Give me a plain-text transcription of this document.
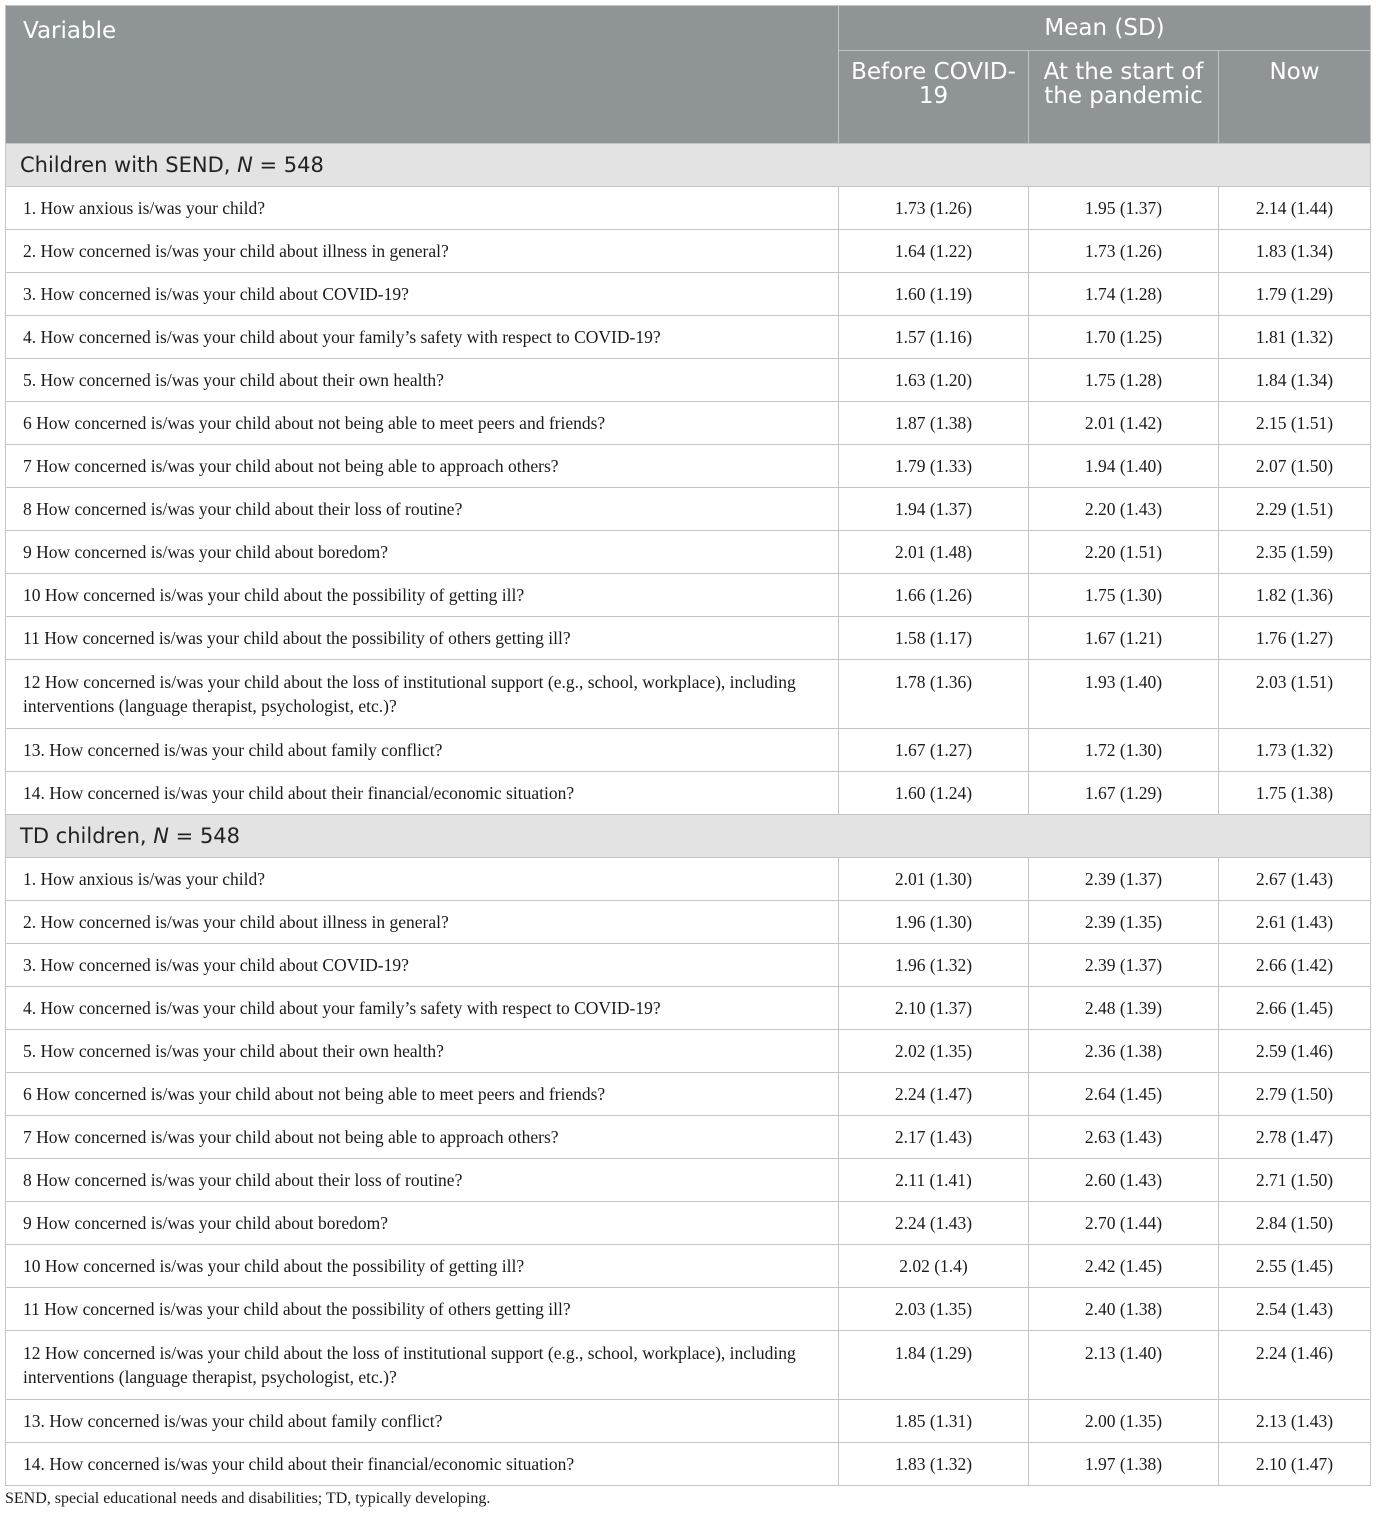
Variable	Mean (SD)		
	Before COVID-19	At the start of the pandemic	Now
Children with SEND, N = 548			
1. How anxious is/was your child?	1.73 (1.26)	1.95 (1.37)	2.14 (1.44)
2. How concerned is/was your child about illness in general?	1.64 (1.22)	1.73 (1.26)	1.83 (1.34)
3. How concerned is/was your child about COVID-19?	1.60 (1.19)	1.74 (1.28)	1.79 (1.29)
4. How concerned is/was your child about your family’s safety with respect to COVID-19?	1.57 (1.16)	1.70 (1.25)	1.81 (1.32)
5. How concerned is/was your child about their own health?	1.63 (1.20)	1.75 (1.28)	1.84 (1.34)
6 How concerned is/was your child about not being able to meet peers and friends?	1.87 (1.38)	2.01 (1.42)	2.15 (1.51)
7 How concerned is/was your child about not being able to approach others?	1.79 (1.33)	1.94 (1.40)	2.07 (1.50)
8 How concerned is/was your child about their loss of routine?	1.94 (1.37)	2.20 (1.43)	2.29 (1.51)
9 How concerned is/was your child about boredom?	2.01 (1.48)	2.20 (1.51)	2.35 (1.59)
10 How concerned is/was your child about the possibility of getting ill?	1.66 (1.26)	1.75 (1.30)	1.82 (1.36)
11 How concerned is/was your child about the possibility of others getting ill?	1.58 (1.17)	1.67 (1.21)	1.76 (1.27)
12 How concerned is/was your child about the loss of institutional support (e.g., school, workplace), including interventions (language therapist, psychologist, etc.)?	1.78 (1.36)	1.93 (1.40)	2.03 (1.51)
13. How concerned is/was your child about family conflict?	1.67 (1.27)	1.72 (1.30)	1.73 (1.32)
14. How concerned is/was your child about their financial/economic situation?	1.60 (1.24)	1.67 (1.29)	1.75 (1.38)
TD children, N = 548			
1. How anxious is/was your child?	2.01 (1.30)	2.39 (1.37)	2.67 (1.43)
2. How concerned is/was your child about illness in general?	1.96 (1.30)	2.39 (1.35)	2.61 (1.43)
3. How concerned is/was your child about COVID-19?	1.96 (1.32)	2.39 (1.37)	2.66 (1.42)
4. How concerned is/was your child about your family’s safety with respect to COVID-19?	2.10 (1.37)	2.48 (1.39)	2.66 (1.45)
5. How concerned is/was your child about their own health?	2.02 (1.35)	2.36 (1.38)	2.59 (1.46)
6 How concerned is/was your child about not being able to meet peers and friends?	2.24 (1.47)	2.64 (1.45)	2.79 (1.50)
7 How concerned is/was your child about not being able to approach others?	2.17 (1.43)	2.63 (1.43)	2.78 (1.47)
8 How concerned is/was your child about their loss of routine?	2.11 (1.41)	2.60 (1.43)	2.71 (1.50)
9 How concerned is/was your child about boredom?	2.24 (1.43)	2.70 (1.44)	2.84 (1.50)
10 How concerned is/was your child about the possibility of getting ill?	2.02 (1.4)	2.42 (1.45)	2.55 (1.45)
11 How concerned is/was your child about the possibility of others getting ill?	2.03 (1.35)	2.40 (1.38)	2.54 (1.43)
12 How concerned is/was your child about the loss of institutional support (e.g., school, workplace), including interventions (language therapist, psychologist, etc.)?	1.84 (1.29)	2.13 (1.40)	2.24 (1.46)
13. How concerned is/was your child about family conflict?	1.85 (1.31)	2.00 (1.35)	2.13 (1.43)
14. How concerned is/was your child about their financial/economic situation?	1.83 (1.32)	1.97 (1.38)	2.10 (1.47)
SEND, special educational needs and disabilities; TD, typically developing.
